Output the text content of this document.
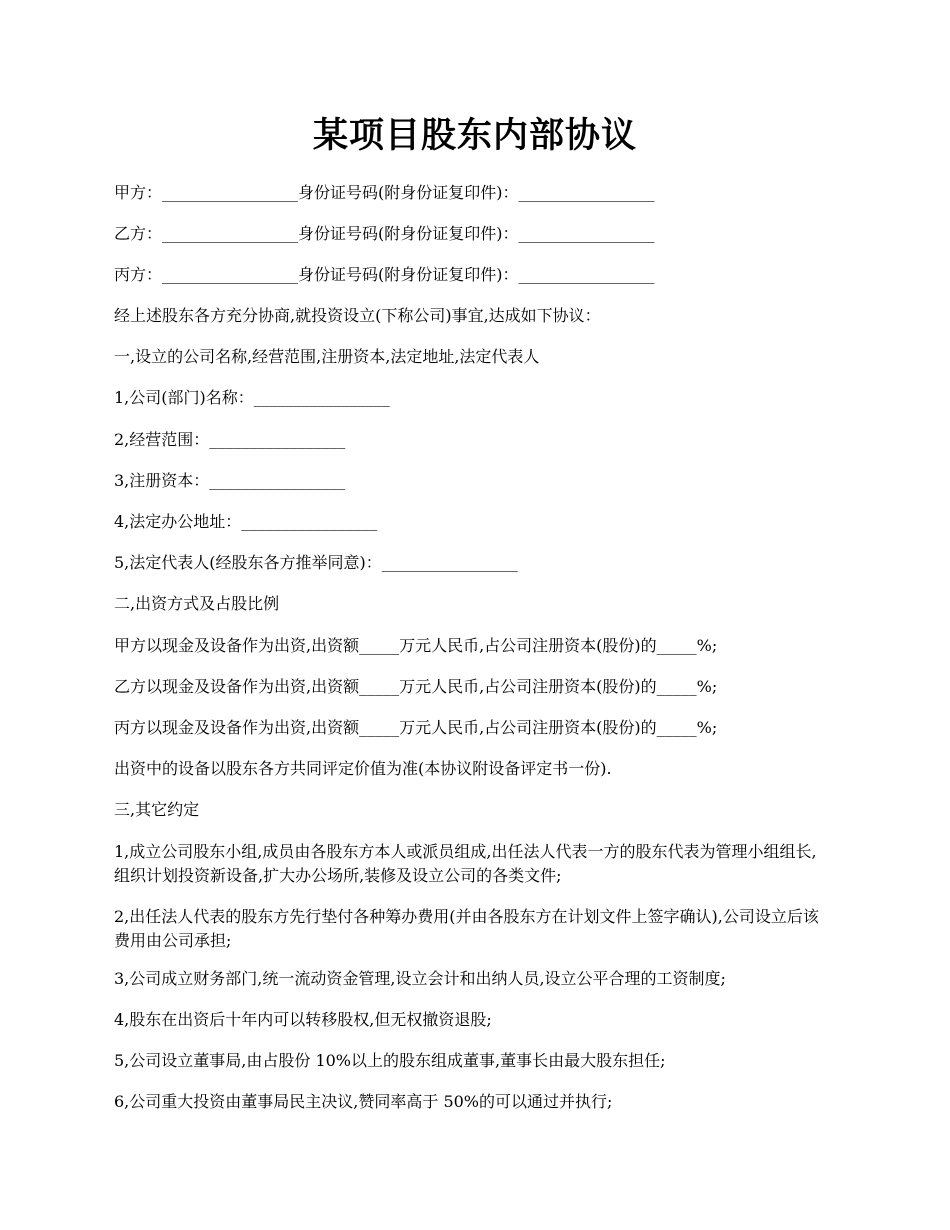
某项目股东内部协议
甲方：_________________身份证号码(附身份证复印件)：_________________
乙方：_________________身份证号码(附身份证复印件)：_________________
丙方：_________________身份证号码(附身份证复印件)：_________________
经上述股东各方充分协商,就投资设立(下称公司)事宜,达成如下协议：
一,设立的公司名称,经营范围,注册资本,法定地址,法定代表人
1,公司(部门)名称：_________________
2,经营范围：_________________
3,注册资本：_________________
4,法定办公地址：_________________
5,法定代表人(经股东各方推举同意)：_________________
二,出资方式及占股比例
甲方以现金及设备作为出资,出资额_____万元人民币,占公司注册资本(股份)的_____%;
乙方以现金及设备作为出资,出资额_____万元人民币,占公司注册资本(股份)的_____%;
丙方以现金及设备作为出资,出资额_____万元人民币,占公司注册资本(股份)的_____%;
出资中的设备以股东各方共同评定价值为准(本协议附设备评定书一份).
三,其它约定
1,成立公司股东小组,成员由各股东方本人或派员组成,出任法人代表一方的股东代表为管理小组组长,组织计划投资新设备,扩大办公场所,装修及设立公司的各类文件;
2,出任法人代表的股东方先行垫付各种筹办费用(并由各股东方在计划文件上签字确认),公司设立后该费用由公司承担;
3,公司成立财务部门,统一流动资金管理,设立会计和出纳人员,设立公平合理的工资制度;
4,股东在出资后十年内可以转移股权,但无权撤资退股;
5,公司设立董事局,由占股份 10%以上的股东组成董事,董事长由最大股东担任;
6,公司重大投资由董事局民主决议,赞同率高于 50%的可以通过并执行;
